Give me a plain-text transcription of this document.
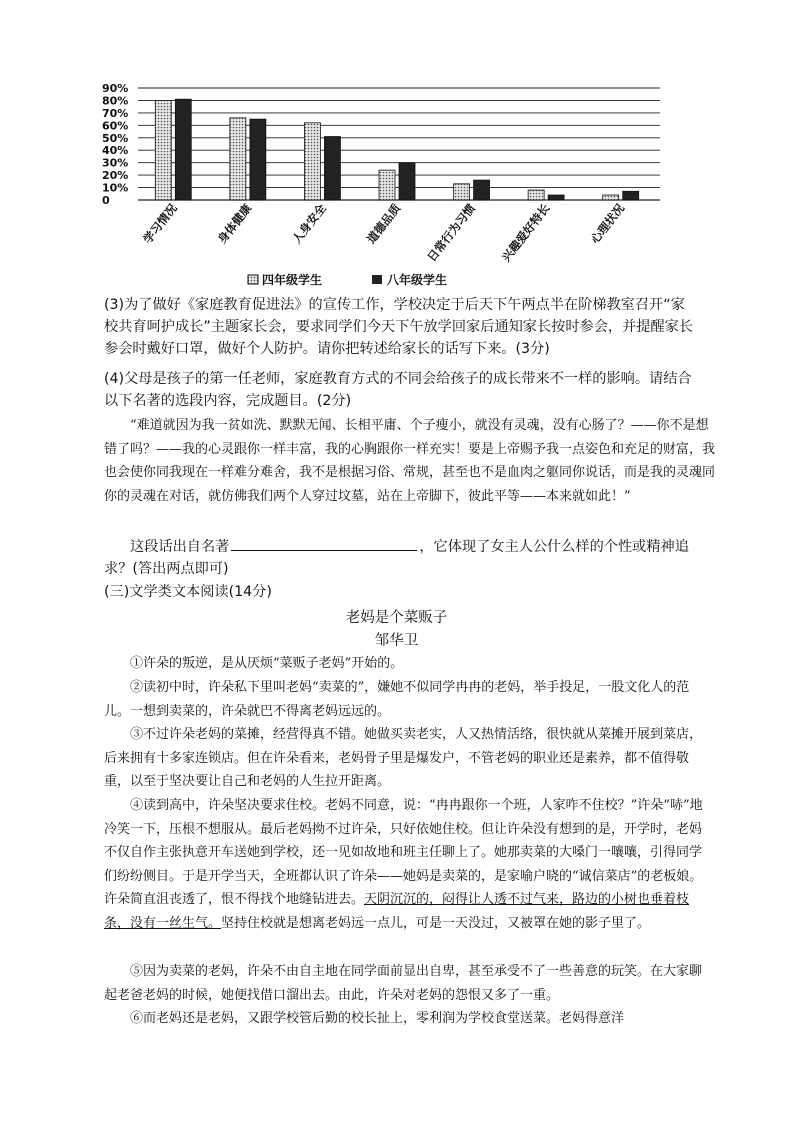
0
10%
20%
30%
40%
50%
60%
70%
80%
90%
学习情况	身体健康	人身安全	道德品质 日常行为习惯 兴趣爱好特长	心理状况
四年级学生	八年级学生
(3)为了做好《家庭教育促进法》的宣传工作，学校决定于后天下午两点半在阶梯教室召开“家校共育呵护成长”主题家长会，要求同学们今天下午放学回家后通知家长按时参会，并提醒家长参会时戴好口罩，做好个人防护。请你把转述给家长的话写下来。(3分)
(4)父母是孩子的第一任老师，家庭教育方式的不同会给孩子的成长带来不一样的影响。请结合以下名著的选段内容，完成题目。(2分)
“难道就因为我一贫如洗、默默无闻、长相平庸、个子瘦小，就没有灵魂，没有心肠了？——你不是想错了吗？——我的心灵跟你一样丰富，我的心胸跟你一样充实！要是上帝赐予我一点姿色和充足的财富，我也会使你同我现在一样难分难舍，我不是根据习俗、常规，甚至也不是血肉之躯同你说话，而是我的灵魂同你的灵魂在对话，就仿佛我们两个人穿过坟墓，站在上帝脚下，彼此平等——本来就如此！”
这段话出自名著	，它体现了女主人公什么样的个性或精神追求？(答出两点即可)
(三)文学类文本阅读(14分)
老妈是个菜贩子
邹华卫
①许朵的叛逆，是从厌烦“菜贩子老妈”开始的。
②读初中时，许朵私下里叫老妈“卖菜的”，嫌她不似同学冉冉的老妈，举手投足，一股文化人的范儿。一想到卖菜的，许朵就巴不得离老妈远远的。
③不过许朵老妈的菜摊，经营得真不错。她做买卖老实，人又热情活络，很快就从菜摊开展到菜店，后来拥有十多家连锁店。但在许朵看来，老妈骨子里是爆发户，不管老妈的职业还是素养，都不值得敬重，以至于坚决要让自己和老妈的人生拉开距离。
④读到高中，许朵坚决要求住校。老妈不同意，说：“冉冉跟你一个班，人家咋不住校？”许朵“哧”地冷笑一下，压根不想服从。最后老妈拗不过许朵，只好依她住校。但让许朵没有想到的是，开学时，老妈不仅自作主张执意开车送她到学校，还一见如故地和班主任聊上了。她那卖菜的大嗓门一嚷嚷，引得同学们纷纷侧目。于是开学当天，全班都认识了许朵——她妈是卖菜的，是家喻户晓的“诚信菜店”的老板娘。许朵简直沮丧透了，恨不得找个地缝钻进去。天阴沉沉的，闷得让人透不过气来，路边的小树也垂着枝条，没有一丝生气。坚持住校就是想离老妈远一点儿，可是一天没过，又被罩在她的影子里了。
⑤因为卖菜的老妈，许朵不由自主地在同学面前显出自卑，甚至承受不了一些善意的玩笑。在大家聊起老爸老妈的时候，她便找借口溜出去。由此，许朵对老妈的怨恨又多了一重。
⑥而老妈还是老妈，又跟学校管后勤的校长扯上，零利润为学校食堂送菜。老妈得意洋
